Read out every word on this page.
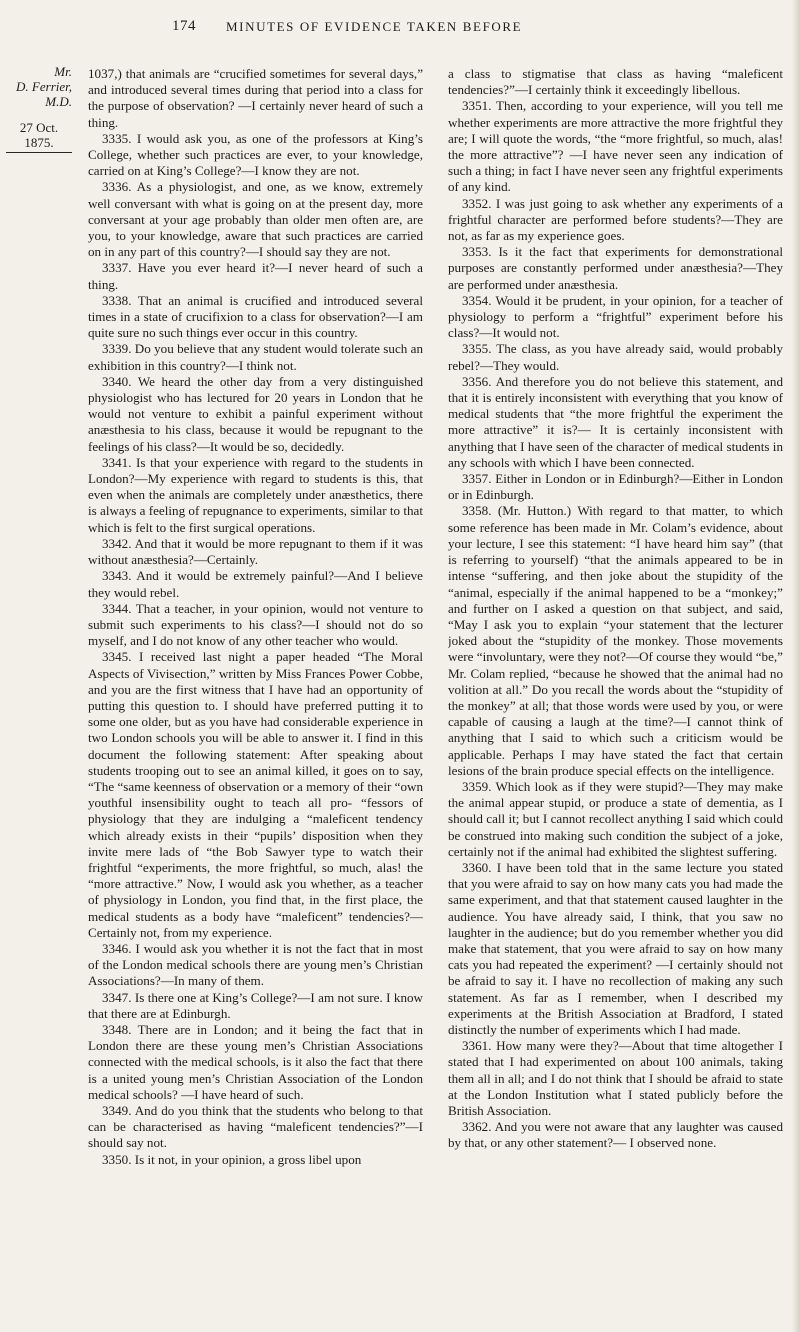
174 MINUTES OF EVIDENCE TAKEN BEFORE
Mr.
D. Ferrier,
M.D.
27 Oct. 1875.

1037,) that animals are “crucified sometimes for several days,” and introduced several times during that period into a class for the purpose of observation? —I certainly never heard of such a thing.

3335. I would ask you, as one of the professors at King’s College, whether such practices are ever, to your knowledge, carried on at King’s College?—I know they are not.

3336. As a physiologist, and one, as we know, extremely well conversant with what is going on at the present day, more conversant at your age probably than older men often are, are you, to your knowledge, aware that such practices are carried on in any part of this country?—I should say they are not.

3337. Have you ever heard it?—I never heard of such a thing.

3338. That an animal is crucified and introduced several times in a state of crucifixion to a class for observation?—I am quite sure no such things ever occur in this country.

3339. Do you believe that any student would tolerate such an exhibition in this country?—I think not.

3340. We heard the other day from a very distinguished physiologist who has lectured for 20 years in London that he would not venture to exhibit a painful experiment without anæsthesia to his class, because it would be repugnant to the feelings of his class?—It would be so, decidedly.

3341. Is that your experience with regard to the students in London?—My experience with regard to students is this, that even when the animals are completely under anæsthetics, there is always a feeling of repugnance to experiments, similar to that which is felt to the first surgical operations.

3342. And that it would be more repugnant to them if it was without anæsthesia?—Certainly.

3343. And it would be extremely painful?—And I believe they would rebel.

3344. That a teacher, in your opinion, would not venture to submit such experiments to his class?—I should not do so myself, and I do not know of any other teacher who would.

3345. I received last night a paper headed “The Moral Aspects of Vivisection,” written by Miss Frances Power Cobbe, and you are the first witness that I have had an opportunity of putting this question to. I should have preferred putting it to some one older, but as you have had considerable experience in two London schools you will be able to answer it. I find in this document the following statement: After speaking about students trooping out to see an animal killed, it goes on to say, “The “same keenness of observation or a memory of their “own youthful insensibility ought to teach all pro- “fessors of physiology that they are indulging a “maleficent tendency which already exists in their “pupils’ disposition when they invite mere lads of “the Bob Sawyer type to watch their frightful “experiments, the more frightful, so much, alas! the “more attractive.” Now, I would ask you whether, as a teacher of physiology in London, you find that, in the first place, the medical students as a body have “maleficent” tendencies?—Certainly not, from my experience.

3346. I would ask you whether it is not the fact that in most of the London medical schools there are young men’s Christian Associations?—In many of them.

3347. Is there one at King’s College?—I am not sure. I know that there are at Edinburgh.

3348. There are in London; and it being the fact that in London there are these young men’s Christian Associations connected with the medical schools, is it also the fact that there is a united young men’s Christian Association of the London medical schools? —I have heard of such.

3349. And do you think that the students who belong to that can be characterised as having “maleficent tendencies?”—I should say not.

3350. Is it not, in your opinion, a gross libel upon

a class to stigmatise that class as having “maleficent tendencies?”—I certainly think it exceedingly libellous.

3351. Then, according to your experience, will you tell me whether experiments are more attractive the more frightful they are; I will quote the words, “the “more frightful, so much, alas! the more attractive”? —I have never seen any indication of such a thing; in fact I have never seen any frightful experiments of any kind.

3352. I was just going to ask whether any experiments of a frightful character are performed before students?—They are not, as far as my experience goes.

3353. Is it the fact that experiments for demonstrational purposes are constantly performed under anæsthesia?—They are performed under anæsthesia.

3354. Would it be prudent, in your opinion, for a teacher of physiology to perform a “frightful” experiment before his class?—It would not.

3355. The class, as you have already said, would probably rebel?—They would.

3356. And therefore you do not believe this statement, and that it is entirely inconsistent with everything that you know of medical students that “the more frightful the experiment the more attractive” it is?— It is certainly inconsistent with anything that I have seen of the character of medical students in any schools with which I have been connected.

3357. Either in London or in Edinburgh?—Either in London or in Edinburgh.

3358. (Mr. Hutton.) With regard to that matter, to which some reference has been made in Mr. Colam’s evidence, about your lecture, I see this statement: “I have heard him say” (that is referring to yourself) “that the animals appeared to be in intense “suffering, and then joke about the stupidity of the “animal, especially if the animal happened to be a “monkey;” and further on I asked a question on that subject, and said, “May I ask you to explain “your statement that the lecturer joked about the “stupidity of the monkey. Those movements were “involuntary, were they not?—Of course they would “be,” Mr. Colam replied, “because he showed that the animal had no volition at all.” Do you recall the words about the “stupidity of the monkey” at all; that those words were used by you, or were capable of causing a laugh at the time?—I cannot think of anything that I said to which such a criticism would be applicable. Perhaps I may have stated the fact that certain lesions of the brain produce special effects on the intelligence.

3359. Which look as if they were stupid?—They may make the animal appear stupid, or produce a state of dementia, as I should call it; but I cannot recollect anything I said which could be construed into making such condition the subject of a joke, certainly not if the animal had exhibited the slightest suffering.

3360. I have been told that in the same lecture you stated that you were afraid to say on how many cats you had made the same experiment, and that that statement caused laughter in the audience. You have already said, I think, that you saw no laughter in the audience; but do you remember whether you did make that statement, that you were afraid to say on how many cats you had repeated the experiment? —I certainly should not be afraid to say it. I have no recollection of making any such statement. As far as I remember, when I described my experiments at the British Association at Bradford, I stated distinctly the number of experiments which I had made.

3361. How many were they?—About that time altogether I stated that I had experimented on about 100 animals, taking them all in all; and I do not think that I should be afraid to state at the London Institution what I stated publicly before the British Association.

3362. And you were not aware that any laughter was caused by that, or any other statement?— I observed none.
